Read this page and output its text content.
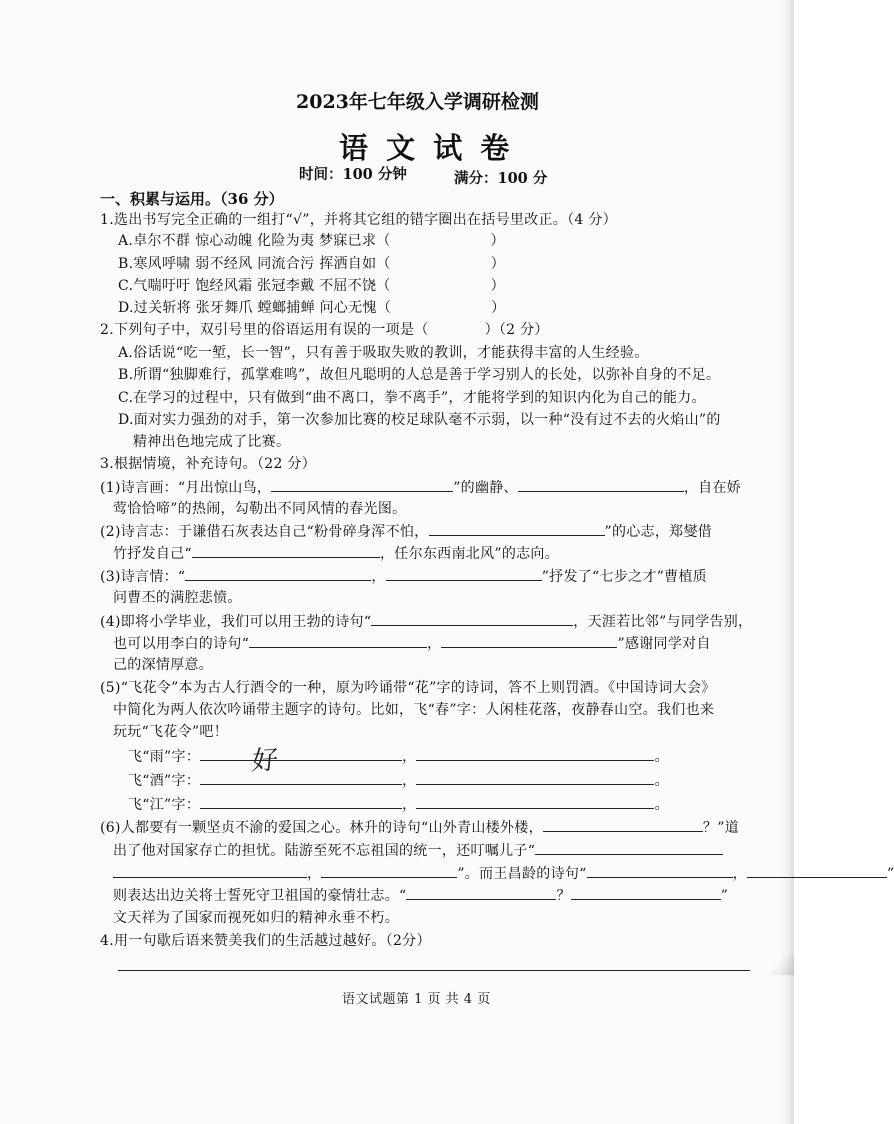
2023年七年级入学调研检测
语 文 试 卷
时间：100 分钟	满分：100 分
一、积累与运用。（36 分）
1.选出书写完全正确的一组打“√”，并将其它组的错字圈出在括号里改正。（4 分）
A.卓尔不群 惊心动魄 化险为夷 梦寐已求（	）
B.寒风呼啸 弱不经风 同流合污 挥洒自如（	）
C.气喘吁吁 饱经风霜 张冠李戴 不屈不饶（	）
D.过关斩将 张牙舞爪 螳螂捕蝉 问心无愧（	）
2.下列句子中，双引号里的俗语运用有误的一项是（	）（2 分）
A.俗话说“吃一堑，长一智”，只有善于吸取失败的教训，才能获得丰富的人生经验。
B.所谓“独脚难行，孤掌难鸣”，故但凡聪明的人总是善于学习别人的长处，以弥补自身的不足。
C.在学习的过程中，只有做到“曲不离口，拳不离手”，才能将学到的知识内化为自己的能力。
D.面对实力强劲的对手，第一次参加比赛的校足球队毫不示弱，以一种“没有过不去的火焰山”的
精神出色地完成了比赛。
3.根据情境，补充诗句。（22 分）
(1)诗言画：“月出惊山鸟，	”的幽静、	，自在娇
莺恰恰啼”的热闹，勾勒出不同风情的春光图。
(2)诗言志：于谦借石灰表达自己“粉骨碎身浑不怕，	”的心志，郑燮借
竹抒发自己“	，任尔东西南北风”的志向。
(3)诗言情：“	，	”抒发了“七步之才”曹植质
问曹丕的满腔悲愤。
(4)即将小学毕业，我们可以用王勃的诗句“	，天涯若比邻”与同学告别，
也可以用李白的诗句“	，	”感谢同学对自
己的深情厚意。
(5)“飞花令”本为古人行酒令的一种，原为吟诵带“花”字的诗词，答不上则罚酒。《中国诗词大会》
中简化为两人依次吟诵带主题字的诗句。比如，飞“春”字：人闲桂花落，夜静春山空。我们也来
玩玩“飞花令”吧！
飞“雨”字：	，	。
好
飞“酒”字：	，	。
飞“江”字：	，	。
(6)人都要有一颗坚贞不渝的爱国之心。林升的诗句“山外青山楼外楼，	？”道
出了他对国家存亡的担忧。陆游至死不忘祖国的统一，还叮嘱儿子“
，	”。而王昌龄的诗句“	，	”
则表达出边关将士誓死守卫祖国的豪情壮志。“	？	”
文天祥为了国家而视死如归的精神永垂不朽。
4.用一句歇后语来赞美我们的生活越过越好。（2分）
语文试题第 1 页 共 4 页
